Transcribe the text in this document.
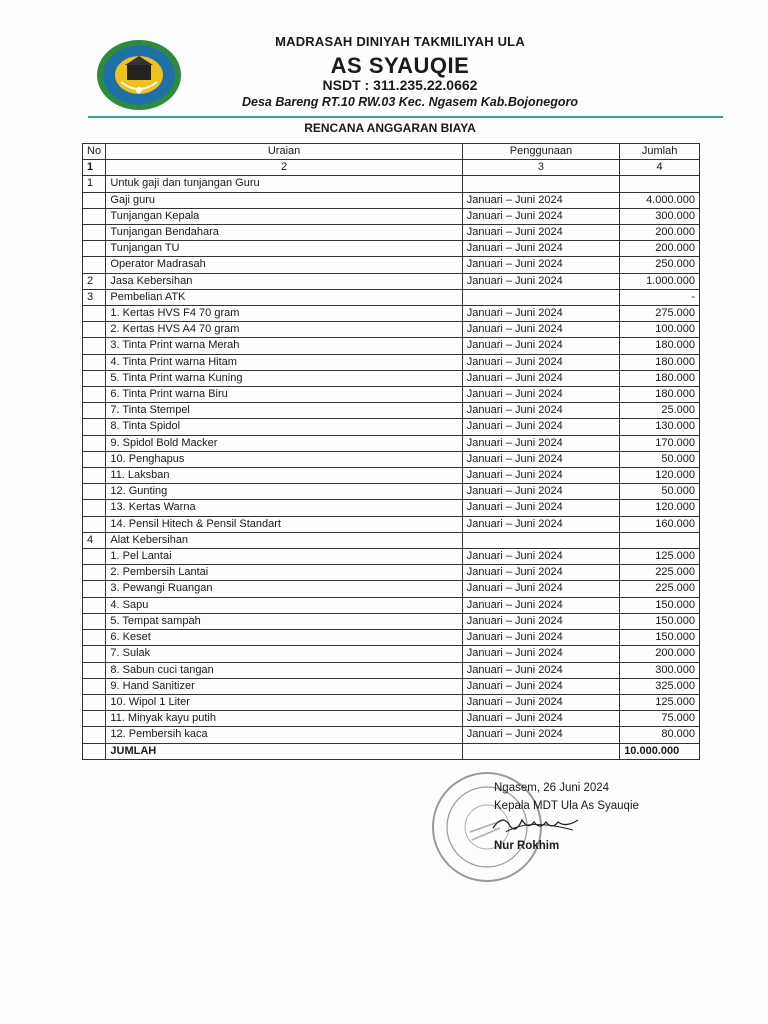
MADRASAH DINIYAH TAKMILIYAH ULA
AS SYAUQIE
NSDT : 311.235.22.0662
Desa Bareng RT.10 RW.03 Kec. Ngasem Kab.Bojonegoro
RENCANA ANGGARAN BIAYA
No	Uraian	Penggunaan	Jumlah
1	2	3	4
1	Untuk gaji dan tunjangan Guru		
	Gaji guru	Januari – Juni 2024	4.000.000
	Tunjangan Kepala	Januari – Juni 2024	300.000
	Tunjangan Bendahara	Januari – Juni 2024	200.000
	Tunjangan TU	Januari – Juni 2024	200.000
	Operator Madrasah	Januari – Juni 2024	250.000
2	Jasa Kebersihan	Januari – Juni 2024	1.000.000
3	Pembelian ATK		-
	1. Kertas HVS F4 70 gram	Januari – Juni 2024	275.000
	2. Kertas HVS A4 70 gram	Januari – Juni 2024	100.000
	3. Tinta Print warna Merah	Januari – Juni 2024	180.000
	4. Tinta Print warna Hitam	Januari – Juni 2024	180.000
	5. Tinta Print warna Kuning	Januari – Juni 2024	180.000
	6. Tinta Print warna Biru	Januari – Juni 2024	180.000
	7. Tinta Stempel	Januari – Juni 2024	25.000
	8. Tinta Spidol	Januari – Juni 2024	130.000
	9. Spidol Bold Macker	Januari – Juni 2024	170.000
	10. Penghapus	Januari – Juni 2024	50.000
	11. Laksban	Januari – Juni 2024	120.000
	12. Gunting	Januari – Juni 2024	50.000
	13. Kertas Warna	Januari – Juni 2024	120.000
	14. Pensil Hitech & Pensil Standart	Januari – Juni 2024	160.000
4	Alat Kebersihan		
	1. Pel Lantai	Januari – Juni 2024	125.000
	2. Pembersih Lantai	Januari – Juni 2024	225.000
	3. Pewangi Ruangan	Januari – Juni 2024	225.000
	4. Sapu	Januari – Juni 2024	150.000
	5. Tempat sampah	Januari – Juni 2024	150.000
	6. Keset	Januari – Juni 2024	150.000
	7. Sulak	Januari – Juni 2024	200.000
	8. Sabun cuci tangan	Januari – Juni 2024	300.000
	9. Hand Sanitizer	Januari – Juni 2024	325.000
	10. Wipol 1 Liter	Januari – Juni 2024	125.000
	11. Minyak kayu putih	Januari – Juni 2024	75.000
	12. Pembersih kaca	Januari – Juni 2024	80.000
	JUMLAH		10.000.000
Ngasem, 26 Juni 2024
Kepala MDT Ula As Syauqie
Nur Rokhim
